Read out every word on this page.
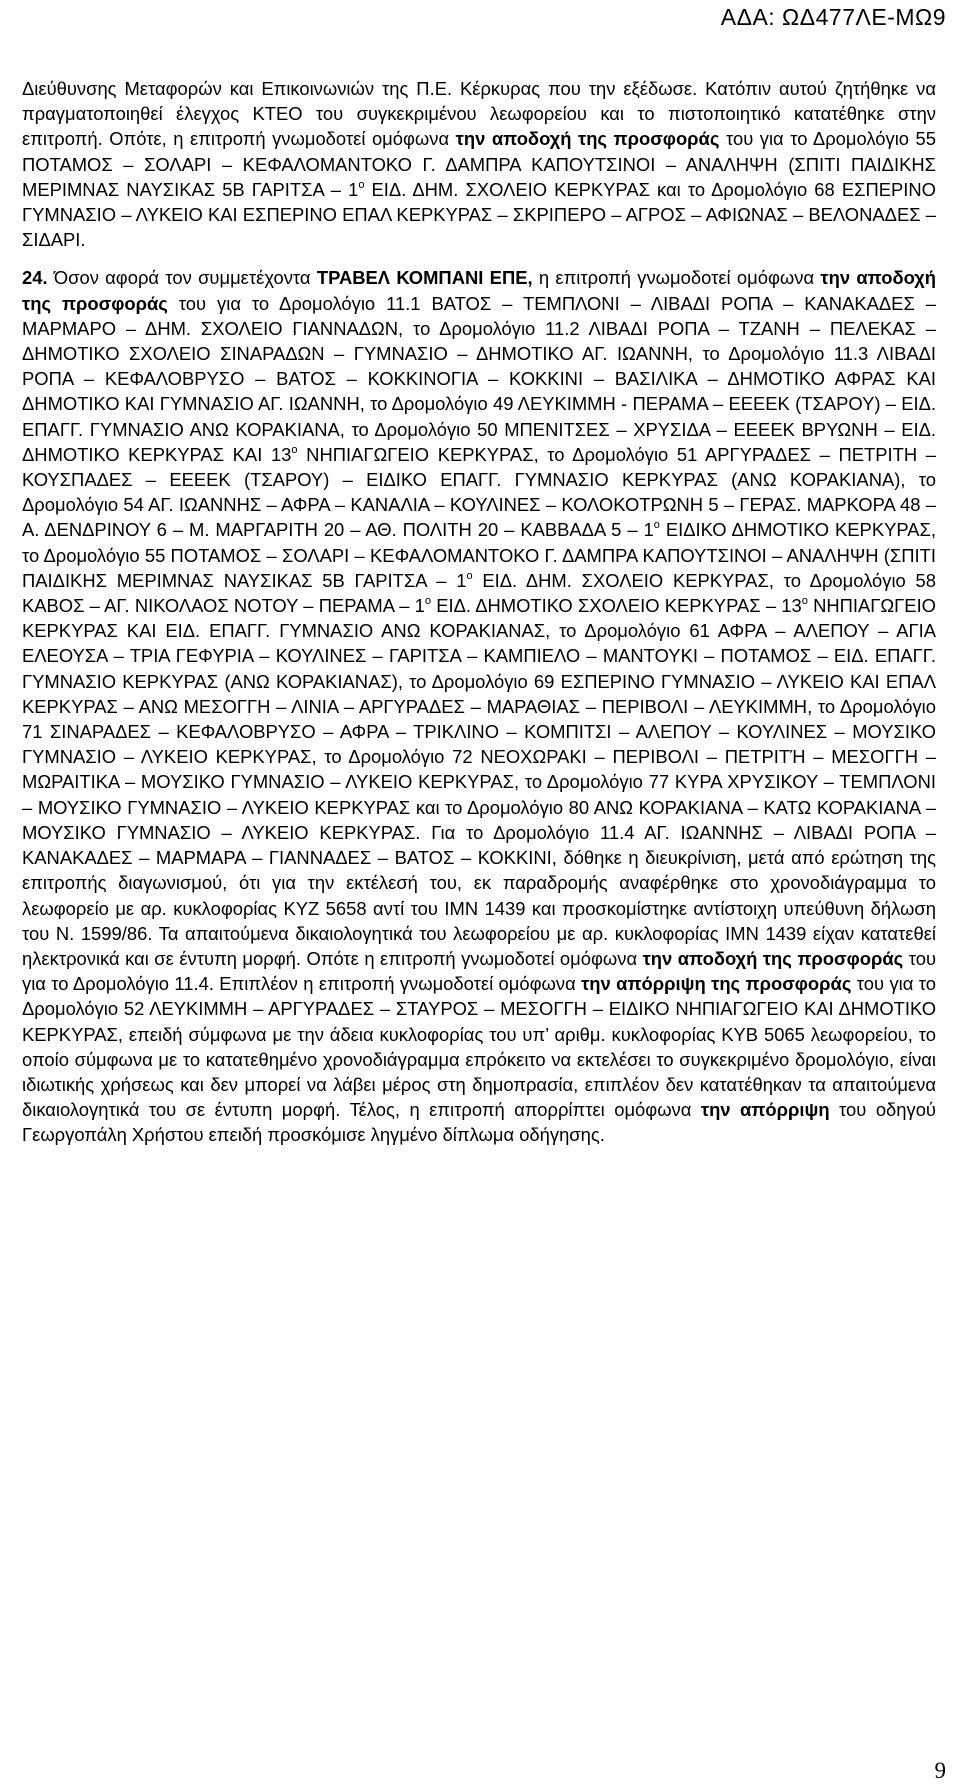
ΑΔΑ: ΩΔ477ΛΕ-ΜΩ9

Διεύθυνσης Μεταφορών και Επικοινωνιών της Π.Ε. Κέρκυρας που την εξέδωσε. Κατόπιν αυτού ζητήθηκε να πραγματοποιηθεί έλεγχος ΚΤΕΟ του συγκεκριμένου λεωφορείου και το πιστοποιητικό κατατέθηκε στην επιτροπή. Οπότε, η επιτροπή γνωμοδοτεί ομόφωνα την αποδοχή της προσφοράς του για το Δρομολόγιο 55 ΠΟΤΑΜΟΣ – ΣΟΛΑΡΙ – ΚΕΦΑΛΟΜΑΝΤΟΚΟ Γ. ΔΑΜΠΡΑ ΚΑΠΟΥΤΣΙΝΟΙ – ΑΝΑΛΗΨΗ (ΣΠΙΤΙ ΠΑΙΔΙΚΗΣ ΜΕΡΙΜΝΑΣ ΝΑΥΣΙΚΑΣ 5Β ΓΑΡΙΤΣΑ – $1^o$ ΕΙΔ. ΔΗΜ. ΣΧΟΛΕΙΟ ΚΕΡΚΥΡΑΣ και το Δρομολόγιο 68 ΕΣΠΕΡΙΝΟ ΓΥΜΝΑΣΙΟ – ΛΥΚΕΙΟ ΚΑΙ ΕΣΠΕΡΙΝΟ ΕΠΑΛ ΚΕΡΚΥΡΑΣ – ΣΚΡΙΠΕΡΟ – ΑΓΡΟΣ – ΑΦΙΩΝΑΣ – ΒΕΛΟΝΑΔΕΣ – ΣΙΔΑΡΙ.

24. Όσον αφορά τον συμμετέχοντα ΤΡΑΒΕΛ ΚΟΜΠΑΝΙ ΕΠΕ, η επιτροπή γνωμοδοτεί ομόφωνα την αποδοχή της προσφοράς του για το Δρομολόγιο 11.1 ΒΑΤΟΣ – ΤΕΜΠΛΟΝΙ – ΛΙΒΑΔΙ ΡΟΠΑ – ΚΑΝΑΚΑΔΕΣ – ΜΑΡΜΑΡΟ – ΔΗΜ. ΣΧΟΛΕΙΟ ΓΙΑΝΝΑΔΩΝ, το Δρομολόγιο 11.2 ΛΙΒΑΔΙ ΡΟΠΑ – ΤΖΑΝΗ – ΠΕΛΕΚΑΣ – ΔΗΜΟΤΙΚΟ ΣΧΟΛΕΙΟ ΣΙΝΑΡΑΔΩΝ – ΓΥΜΝΑΣΙΟ – ΔΗΜΟΤΙΚΟ ΑΓ. ΙΩΑΝΝΗ, το Δρομολόγιο 11.3 ΛΙΒΑΔΙ ΡΟΠΑ – ΚΕΦΑΛΟΒΡΥΣΟ – ΒΑΤΟΣ – ΚΟΚΚΙΝΟΓΙΑ – ΚΟΚΚΙΝΙ – ΒΑΣΙΛΙΚΑ – ΔΗΜΟΤΙΚΟ ΑΦΡΑΣ ΚΑΙ ΔΗΜΟΤΙΚΟ ΚΑΙ ΓΥΜΝΑΣΙΟ ΑΓ. ΙΩΑΝΝΗ, το Δρομολόγιο 49 ΛΕΥΚΙΜΜΗ - ΠΕΡΑΜΑ – ΕΕΕΕΚ (ΤΣΑΡΟΥ) – ΕΙΔ. ΕΠΑΓΓ. ΓΥΜΝΑΣΙΟ ΑΝΩ ΚΟΡΑΚΙΑΝΑ, το Δρομολόγιο 50 ΜΠΕΝΙΤΣΕΣ – ΧΡΥΣΙΔΑ – ΕΕΕΕΚ ΒΡΥΩΝΗ – ΕΙΔ. ΔΗΜΟΤΙΚΟ ΚΕΡΚΥΡΑΣ ΚΑΙ $13^o$ ΝΗΠΙΑΓΩΓΕΙΟ ΚΕΡΚΥΡΑΣ, το Δρομολόγιο 51 ΑΡΓΥΡΑΔΕΣ – ΠΕΤΡΙΤΗ – ΚΟΥΣΠΑΔΕΣ – ΕΕΕΕΚ (ΤΣΑΡΟΥ) – ΕΙΔΙΚΟ ΕΠΑΓΓ. ΓΥΜΝΑΣΙΟ ΚΕΡΚΥΡΑΣ (ΑΝΩ ΚΟΡΑΚΙΑΝΑ), το Δρομολόγιο 54 ΑΓ. ΙΩΑΝΝΗΣ – ΑΦΡΑ – ΚΑΝΑΛΙΑ – ΚΟΥΛΙΝΕΣ – ΚΟΛΟΚΟΤΡΩΝΗ 5 – ΓΕΡΑΣ. ΜΑΡΚΟΡΑ 48 – Α. ΔΕΝΔΡΙΝΟΥ 6 – Μ. ΜΑΡΓΑΡΙΤΗ 20 – ΑΘ. ΠΟΛΙΤΗ 20 – ΚΑΒΒΑΔΑ $5 - 1^o$ ΕΙΔΙΚΟ ΔΗΜΟΤΙΚΟ ΚΕΡΚΥΡΑΣ, το Δρομολόγιο 55 ΠΟΤΑΜΟΣ – ΣΟΛΑΡΙ – ΚΕΦΑΛΟΜΑΝΤΟΚΟ Γ. ΔΑΜΠΡΑ ΚΑΠΟΥΤΣΙΝΟΙ – ΑΝΑΛΗΨΗ (ΣΠΙΤΙ ΠΑΙΔΙΚΗΣ ΜΕΡΙΜΝΑΣ ΝΑΥΣΙΚΑΣ 5Β ΓΑΡΙΤΣΑ – $1^o$ ΕΙΔ. ΔΗΜ. ΣΧΟΛΕΙΟ ΚΕΡΚΥΡΑΣ, το Δρομολόγιο 58 ΚΑΒΟΣ – ΑΓ. ΝΙΚΟΛΑΟΣ ΝΟΤΟΥ – ΠΕΡΑΜΑ – $1^o$ ΕΙΔ. ΔΗΜΟΤΙΚΟ ΣΧΟΛΕΙΟ ΚΕΡΚΥΡΑΣ – $13^o$ ΝΗΠΙΑΓΩΓΕΙΟ ΚΕΡΚΥΡΑΣ ΚΑΙ ΕΙΔ. ΕΠΑΓΓ. ΓΥΜΝΑΣΙΟ ΑΝΩ ΚΟΡΑΚΙΑΝΑΣ, το Δρομολόγιο 61 ΑΦΡΑ – ΑΛΕΠΟΥ – ΑΓΙΑ ΕΛΕΟΥΣΑ – ΤΡΙΑ ΓΕΦΥΡΙΑ – ΚΟΥΛΙΝΕΣ – ΓΑΡΙΤΣΑ – ΚΑΜΠΙΕΛΟ – ΜΑΝΤΟΥΚΙ – ΠΟΤΑΜΟΣ – ΕΙΔ. ΕΠΑΓΓ. ΓΥΜΝΑΣΙΟ ΚΕΡΚΥΡΑΣ (ΑΝΩ ΚΟΡΑΚΙΑΝΑΣ), το Δρομολόγιο 69 ΕΣΠΕΡΙΝΟ ΓΥΜΝΑΣΙΟ – ΛΥΚΕΙΟ ΚΑΙ ΕΠΑΛ ΚΕΡΚΥΡΑΣ – ΑΝΩ ΜΕΣΟΓΓΗ – ΛΙΝΙΑ – ΑΡΓΥΡΑΔΕΣ – ΜΑΡΑΘΙΑΣ – ΠΕΡΙΒΟΛΙ – ΛΕΥΚΙΜΜΗ, το Δρομολόγιο 71 ΣΙΝΑΡΑΔΕΣ – ΚΕΦΑΛΟΒΡΥΣΟ – ΑΦΡΑ – ΤΡΙΚΛΙΝΟ – ΚΟΜΠΙΤΣΙ – ΑΛΕΠΟΥ – ΚΟΥΛΙΝΕΣ – ΜΟΥΣΙΚΟ ΓΥΜΝΑΣΙΟ – ΛΥΚΕΙΟ ΚΕΡΚΥΡΑΣ, το Δρομολόγιο 72 ΝΕΟΧΩΡΑΚΙ – ΠΕΡΙΒΟΛΙ – ΠΕΤΡΙΤΉ – ΜΕΣΟΓΓΗ – ΜΩΡΑΙΤΙΚΑ – ΜΟΥΣΙΚΟ ΓΥΜΝΑΣΙΟ – ΛΥΚΕΙΟ ΚΕΡΚΥΡΑΣ, το Δρομολόγιο 77 ΚΥΡΑ ΧΡΥΣΙΚΟΥ – ΤΕΜΠΛΟΝΙ – ΜΟΥΣΙΚΟ ΓΥΜΝΑΣΙΟ – ΛΥΚΕΙΟ ΚΕΡΚΥΡΑΣ και το Δρομολόγιο 80 ΑΝΩ ΚΟΡΑΚΙΑΝΑ – ΚΑΤΩ ΚΟΡΑΚΙΑΝΑ – ΜΟΥΣΙΚΟ ΓΥΜΝΑΣΙΟ – ΛΥΚΕΙΟ ΚΕΡΚΥΡΑΣ. Για το Δρομολόγιο 11.4 ΑΓ. ΙΩΑΝΝΗΣ – ΛΙΒΑΔΙ ΡΟΠΑ – ΚΑΝΑΚΑΔΕΣ – ΜΑΡΜΑΡΑ – ΓΙΑΝΝΑΔΕΣ – ΒΑΤΟΣ – ΚΟΚΚΙΝΙ, δόθηκε η διευκρίνιση, μετά από ερώτηση της επιτροπής διαγωνισμού, ότι για την εκτέλεσή του, εκ παραδρομής αναφέρθηκε στο χρονοδιάγραμμα το λεωφορείο με αρ. κυκλοφορίας ΚΥΖ 5658 αντί του ΙΜΝ 1439 και προσκομίστηκε αντίστοιχη υπεύθυνη δήλωση του Ν. 1599/86. Τα απαιτούμενα δικαιολογητικά του λεωφορείου με αρ. κυκλοφορίας ΙΜΝ 1439 είχαν κατατεθεί ηλεκτρονικά και σε έντυπη μορφή. Οπότε η επιτροπή γνωμοδοτεί ομόφωνα την αποδοχή της προσφοράς του για το Δρομολόγιο 11.4. Επιπλέον η επιτροπή γνωμοδοτεί ομόφωνα την απόρριψη της προσφοράς του για το Δρομολόγιο 52 ΛΕΥΚΙΜΜΗ – ΑΡΓΥΡΑΔΕΣ – ΣΤΑΥΡΟΣ – ΜΕΣΟΓΓΗ – ΕΙΔΙΚΟ ΝΗΠΙΑΓΩΓΕΙΟ ΚΑΙ ΔΗΜΟΤΙΚΟ ΚΕΡΚΥΡΑΣ, επειδή σύμφωνα με την άδεια κυκλοφορίας του υπ’ αριθμ. κυκλοφορίας ΚΥΒ 5065 λεωφορείου, το οποίο σύμφωνα με το κατατεθημένο χρονοδιάγραμμα επρόκειτο να εκτελέσει το συγκεκριμένο δρομολόγιο, είναι ιδιωτικής χρήσεως και δεν μπορεί να λάβει μέρος στη δημοπρασία, επιπλέον δεν κατατέθηκαν τα απαιτούμενα δικαιολογητικά του σε έντυπη μορφή. Τέλος, η επιτροπή απορρίπτει ομόφωνα την απόρριψη του οδηγού Γεωργοπάλη Χρήστου επειδή προσκόμισε ληγμένο δίπλωμα οδήγησης.

9
